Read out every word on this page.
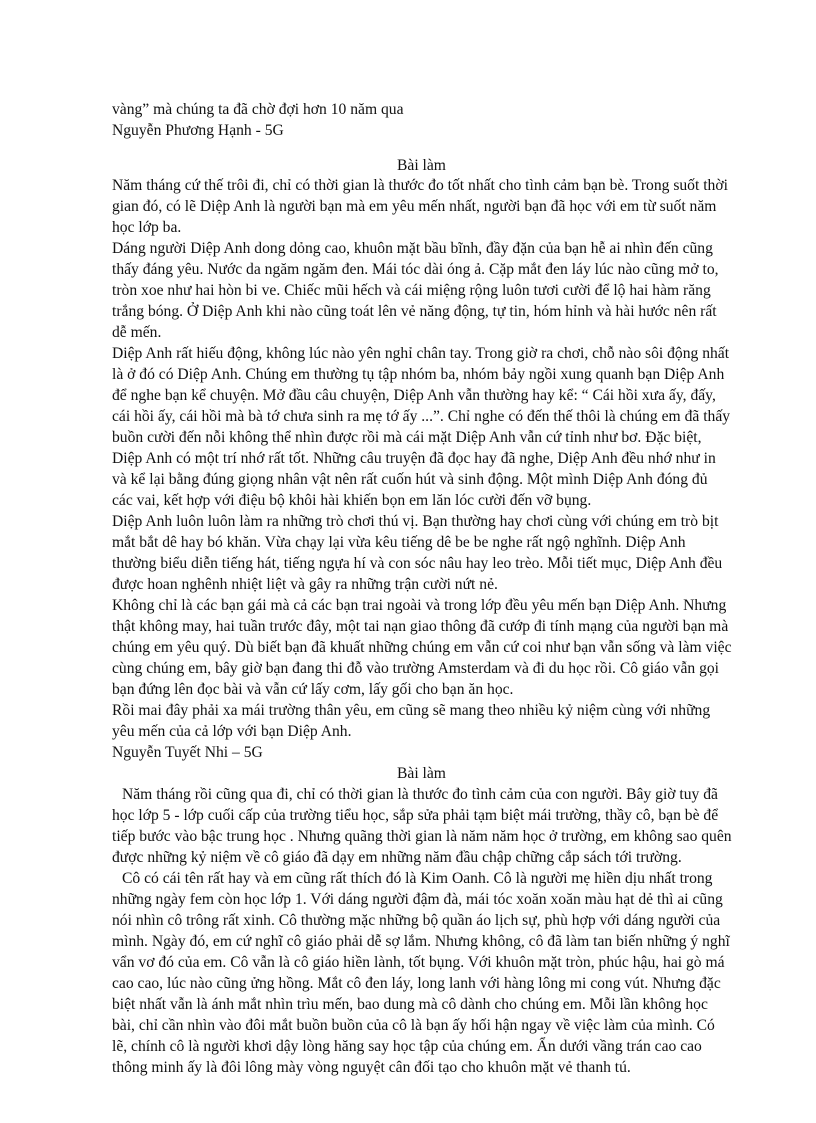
vàng” mà chúng ta đã chờ đợi hơn 10 năm qua
Nguyễn Phương Hạnh - 5G
Bài làm
Năm tháng cứ thế trôi đi, chỉ có thời gian là thước đo tốt nhất cho tình cảm bạn bè. Trong suốt thời
gian đó, có lẽ Diệp Anh là người bạn mà em yêu mến nhất, người bạn đã học với em từ suốt năm
học lớp ba.
Dáng người Diệp Anh dong dỏng cao, khuôn mặt bầu bĩnh, đầy đặn của bạn hễ ai nhìn đến cũng
thấy đáng yêu. Nước da ngăm ngăm đen. Mái tóc dài óng ả. Cặp mắt đen láy lúc nào cũng mở to,
tròn xoe như hai hòn bi ve. Chiếc mũi hếch và cái miệng rộng luôn tươi cười để lộ hai hàm răng
trắng bóng. Ở Diệp Anh khi nào cũng toát lên vẻ năng động, tự tin, hóm hỉnh và hài hước nên rất
dễ mến.
Diệp Anh rất hiếu động, không lúc nào yên nghỉ chân tay. Trong giờ ra chơi, chỗ nào sôi động nhất
là ở đó có Diệp Anh. Chúng em thường tụ tập nhóm ba, nhóm bảy ngồi xung quanh bạn Diệp Anh
để nghe bạn kể chuyện. Mở đầu câu chuyện, Diệp Anh vẫn thường hay kể: “ Cái hồi xưa ấy, đấy,
cái hồi ấy, cái hồi mà bà tớ chưa sinh ra mẹ tớ ấy ...”. Chỉ nghe có đến thế thôi là chúng em đã thấy
buồn cười đến nỗi không thể nhìn được rồi mà cái mặt Diệp Anh vẫn cứ tỉnh như bơ. Đặc biệt,
Diệp Anh có một trí nhớ rất tốt. Những câu truyện đã đọc hay đã nghe, Diệp Anh đều nhớ như in
và kể lại bằng đúng giọng nhân vật nên rất cuốn hút và sinh động. Một mình Diệp Anh đóng đủ
các vai, kết hợp với điệu bộ khôi hài khiến bọn em lăn lóc cười đến vỡ bụng.
Diệp Anh luôn luôn làm ra những trò chơi thú vị. Bạn thường hay chơi cùng với chúng em trò bịt
mắt bắt dê hay bó khăn. Vừa chạy lại vừa kêu tiếng dê be be nghe rất ngộ nghĩnh. Diệp Anh
thường biểu diễn tiếng hát, tiếng ngựa hí và con sóc nâu hay leo trèo. Mỗi tiết mục, Diệp Anh đều
được hoan nghênh nhiệt liệt và gây ra những trận cười nứt nẻ.
Không chỉ là các bạn gái mà cả các bạn trai ngoài và trong lớp đều yêu mến bạn Diệp Anh. Nhưng
thật không may, hai tuần trước đây, một tai nạn giao thông đã cướp đi tính mạng của người bạn mà
chúng em yêu quý. Dù biết bạn đã khuất những chúng em vẫn cứ coi như bạn vẫn sống và làm việc
cùng chúng em, bây giờ bạn đang thi đỗ vào trường Amsterdam và đi du học rồi. Cô giáo vẫn gọi
bạn đứng lên đọc bài và vẫn cứ lấy cơm, lấy gối cho bạn ăn học.
Rồi mai đây phải xa mái trường thân yêu, em cũng sẽ mang theo nhiều kỷ niệm cùng với những
yêu mến của cả lớp với bạn Diệp Anh.
Nguyễn Tuyết Nhi – 5G
Bài làm
Năm tháng rồi cũng qua đi, chỉ có thời gian là thước đo tình cảm của con người. Bây giờ tuy đã
học lớp 5 - lớp cuối cấp của trường tiểu học, sắp sửa phải tạm biệt mái trường, thầy cô, bạn bè để
tiếp bước vào bậc trung học . Nhưng quãng thời gian là năm năm học ở trường, em không sao quên
được những kỷ niệm về cô giáo đã dạy em những năm đầu chập chững cắp sách tới trường.
Cô có cái tên rất hay và em cũng rất thích đó là Kim Oanh. Cô là người mẹ hiền dịu nhất trong
những ngày fem còn học lớp 1. Với dáng người đậm đà, mái tóc xoăn xoăn màu hạt dẻ thì ai cũng
nói nhìn cô trông rất xinh. Cô thường mặc những bộ quần áo lịch sự, phù hợp với dáng người của
mình. Ngày đó, em cứ nghĩ cô giáo phải dễ sợ lắm. Nhưng không, cô đã làm tan biến những ý nghĩ
vẩn vơ đó của em. Cô vẫn là cô giáo hiền lành, tốt bụng. Với khuôn mặt tròn, phúc hậu, hai gò má
cao cao, lúc nào cũng ửng hồng. Mắt cô đen láy, long lanh với hàng lông mi cong vút. Nhưng đặc
biệt nhất vẫn là ánh mắt nhìn trìu mến, bao dung mà cô dành cho chúng em. Mỗi lần không học
bài, chỉ cần nhìn vào đôi mắt buồn buồn của cô là bạn ấy hối hận ngay về việc làm của mình. Có
lẽ, chính cô là người khơi dậy lòng hăng say học tập của chúng em. Ẩn dưới vầng trán cao cao
thông minh ấy là đôi lông mày vòng nguyệt cân đối tạo cho khuôn mặt vẻ thanh tú.
